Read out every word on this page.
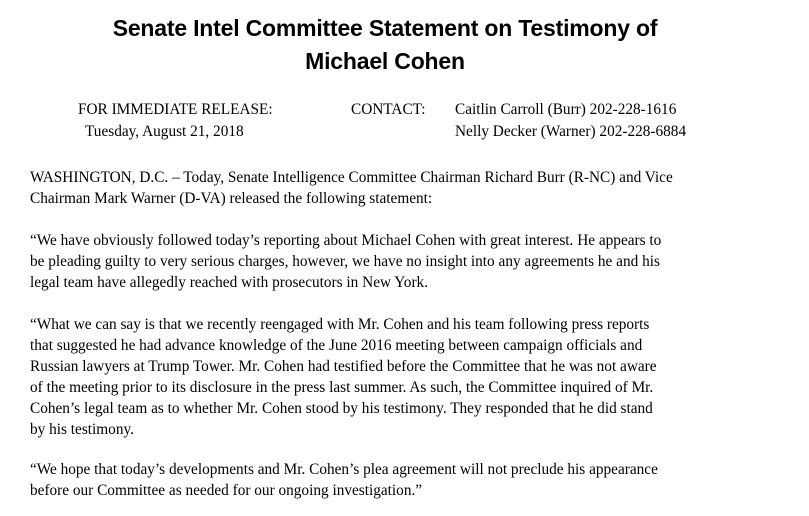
Senate Intel Committee Statement on Testimony of
Michael Cohen
FOR IMMEDIATE RELEASE:
Tuesday, August 21, 2018
CONTACT: Caitlin Carroll (Burr) 202-228-1616
Nelly Decker (Warner) 202-228-6884

WASHINGTON, D.C. – Today, Senate Intelligence Committee Chairman Richard Burr (R-NC) and Vice
Chairman Mark Warner (D-VA) released the following statement:

“We have obviously followed today’s reporting about Michael Cohen with great interest. He appears to
be pleading guilty to very serious charges, however, we have no insight into any agreements he and his
legal team have allegedly reached with prosecutors in New York.

“What we can say is that we recently reengaged with Mr. Cohen and his team following press reports
that suggested he had advance knowledge of the June 2016 meeting between campaign officials and
Russian lawyers at Trump Tower. Mr. Cohen had testified before the Committee that he was not aware
of the meeting prior to its disclosure in the press last summer. As such, the Committee inquired of Mr.
Cohen’s legal team as to whether Mr. Cohen stood by his testimony. They responded that he did stand
by his testimony.

“We hope that today’s developments and Mr. Cohen’s plea agreement will not preclude his appearance
before our Committee as needed for our ongoing investigation.”
